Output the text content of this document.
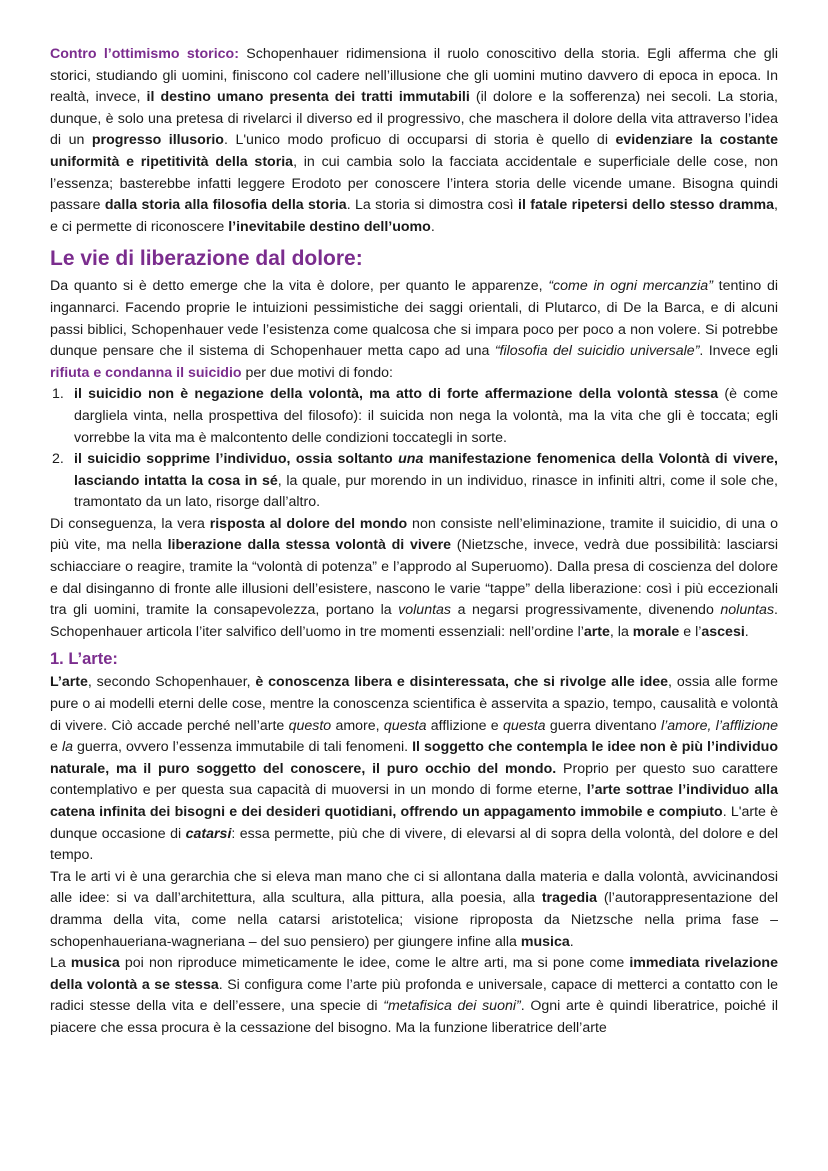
Contro l’ottimismo storico: Schopenhauer ridimensiona il ruolo conoscitivo della storia. Egli afferma che gli storici, studiando gli uomini, finiscono col cadere nell’illusione che gli uomini mutino davvero di epoca in epoca. In realtà, invece, il destino umano presenta dei tratti immutabili (il dolore e la sofferenza) nei secoli. La storia, dunque, è solo una pretesa di rivelarci il diverso ed il progressivo, che maschera il dolore della vita attraverso l’idea di un progresso illusorio. L'unico modo proficuo di occuparsi di storia è quello di evidenziare la costante uniformità e ripetitività della storia, in cui cambia solo la facciata accidentale e superficiale delle cose, non l’essenza; basterebbe infatti leggere Erodoto per conoscere l’intera storia delle vicende umane. Bisogna quindi passare dalla storia alla filosofia della storia. La storia si dimostra così il fatale ripetersi dello stesso dramma, e ci permette di riconoscere l’inevitabile destino dell’uomo.

Le vie di liberazione dal dolore:

Da quanto si è detto emerge che la vita è dolore, per quanto le apparenze, “come in ogni mercanzia” tentino di ingannarci. Facendo proprie le intuizioni pessimistiche dei saggi orientali, di Plutarco, di De la Barca, e di alcuni passi biblici, Schopenhauer vede l’esistenza come qualcosa che si impara poco per poco a non volere. Si potrebbe dunque pensare che il sistema di Schopenhauer metta capo ad una “filosofia del suicidio universale”. Invece egli rifiuta e condanna il suicidio per due motivi di fondo:

1. il suicidio non è negazione della volontà, ma atto di forte affermazione della volontà stessa (è come dargliela vinta, nella prospettiva del filosofo): il suicida non nega la volontà, ma la vita che gli è toccata; egli vorrebbe la vita ma è malcontento delle condizioni toccategli in sorte.
2. il suicidio sopprime l’individuo, ossia soltanto una manifestazione fenomenica della Volontà di vivere, lasciando intatta la cosa in sé, la quale, pur morendo in un individuo, rinasce in infiniti altri, come il sole che, tramontato da un lato, risorge dall’altro.

Di conseguenza, la vera risposta al dolore del mondo non consiste nell’eliminazione, tramite il suicidio, di una o più vite, ma nella liberazione dalla stessa volontà di vivere (Nietzsche, invece, vedrà due possibilità: lasciarsi schiacciare o reagire, tramite la “volontà di potenza” e l’approdo al Superuomo). Dalla presa di coscienza del dolore e dal disinganno di fronte alle illusioni dell’esistere, nascono le varie “tappe” della liberazione: così i più eccezionali tra gli uomini, tramite la consapevolezza, portano la voluntas a negarsi progressivamente, divenendo noluntas. Schopenhauer articola l’iter salvifico dell’uomo in tre momenti essenziali: nell’ordine l’arte, la morale e l’ascesi.

1. L’arte:

L’arte, secondo Schopenhauer, è conoscenza libera e disinteressata, che si rivolge alle idee, ossia alle forme pure o ai modelli eterni delle cose, mentre la conoscenza scientifica è asservita a spazio, tempo, causalità e volontà di vivere. Ciò accade perché nell’arte questo amore, questa afflizione e questa guerra diventano l’amore, l’afflizione e la guerra, ovvero l’essenza immutabile di tali fenomeni. Il soggetto che contempla le idee non è più l’individuo naturale, ma il puro soggetto del conoscere, il puro occhio del mondo. Proprio per questo suo carattere contemplativo e per questa sua capacità di muoversi in un mondo di forme eterne, l’arte sottrae l’individuo alla catena infinita dei bisogni e dei desideri quotidiani, offrendo un appagamento immobile e compiuto. L'arte è dunque occasione di catarsi: essa permette, più che di vivere, di elevarsi al di sopra della volontà, del dolore e del tempo.

Tra le arti vi è una gerarchia che si eleva man mano che ci si allontana dalla materia e dalla volontà, avvicinandosi alle idee: si va dall’architettura, alla scultura, alla pittura, alla poesia, alla tragedia (l’autorappresentazione del dramma della vita, come nella catarsi aristotelica; visione riproposta da Nietzsche nella prima fase – schopenhaueriana-wagneriana – del suo pensiero) per giungere infine alla musica.

La musica poi non riproduce mimeticamente le idee, come le altre arti, ma si pone come immediata rivelazione della volontà a se stessa. Si configura come l’arte più profonda e universale, capace di metterci a contatto con le radici stesse della vita e dell’essere, una specie di “metafisica dei suoni”. Ogni arte è quindi liberatrice, poiché il piacere che essa procura è la cessazione del bisogno. Ma la funzione liberatrice dell’arte
